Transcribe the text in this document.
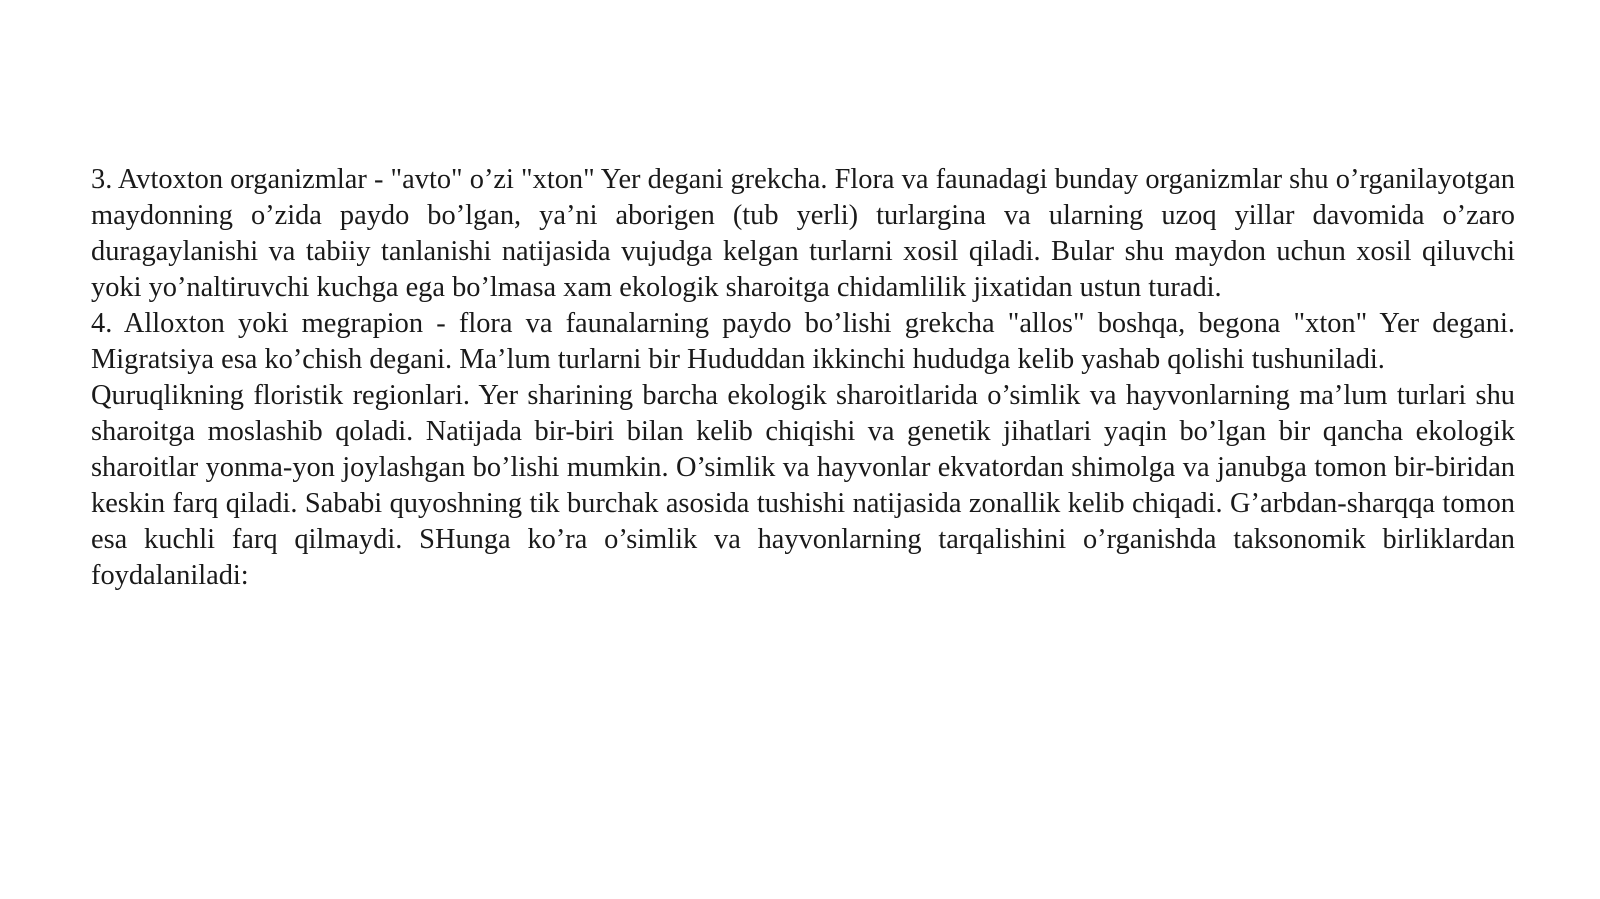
3. Avtoxton organizmlar - "avto" o’zi "xton" Yer degani grekcha. Flora va faunadagi bunday organizmlar shu o’rganilayotgan maydonning o’zida paydo bo’lgan, ya’ni aborigen (tub yerli) turlargina va ularning uzoq yillar davomida o’zaro duragaylanishi va tabiiy tanlanishi natijasida vujudga kelgan turlarni xosil qiladi. Bular shu maydon uchun xosil qiluvchi yoki yo’naltiruvchi kuchga ega bo’lmasa xam ekologik sharoitga chidamlilik jixatidan ustun turadi.

4. Alloxton yoki megrapion - flora va faunalarning paydo bo’lishi grekcha "allos" boshqa, begona "xton" Yer degani. Migratsiya esa ko’chish degani. Ma’lum turlarni bir Hududdan ikkinchi hududga kelib yashab qolishi tushuniladi.

Quruqlikning floristik regionlari. Yer sharining barcha ekologik sharoitlarida o’simlik va hayvonlarning ma’lum turlari shu sharoitga moslashib qoladi. Natijada bir-biri bilan kelib chiqishi va genetik jihatlari yaqin bo’lgan bir qancha ekologik sharoitlar yonma-yon joylashgan bo’lishi mumkin. O’simlik va hayvonlar ekvatordan shimolga va janubga tomon bir-biridan keskin farq qiladi. Sababi quyoshning tik burchak asosida tushishi natijasida zonallik kelib chiqadi. G’arbdan-sharqqa tomon esa kuchli farq qilmaydi. SHunga ko’ra o’simlik va hayvonlarning tarqalishini o’rganishda taksonomik birliklardan foydalaniladi:
